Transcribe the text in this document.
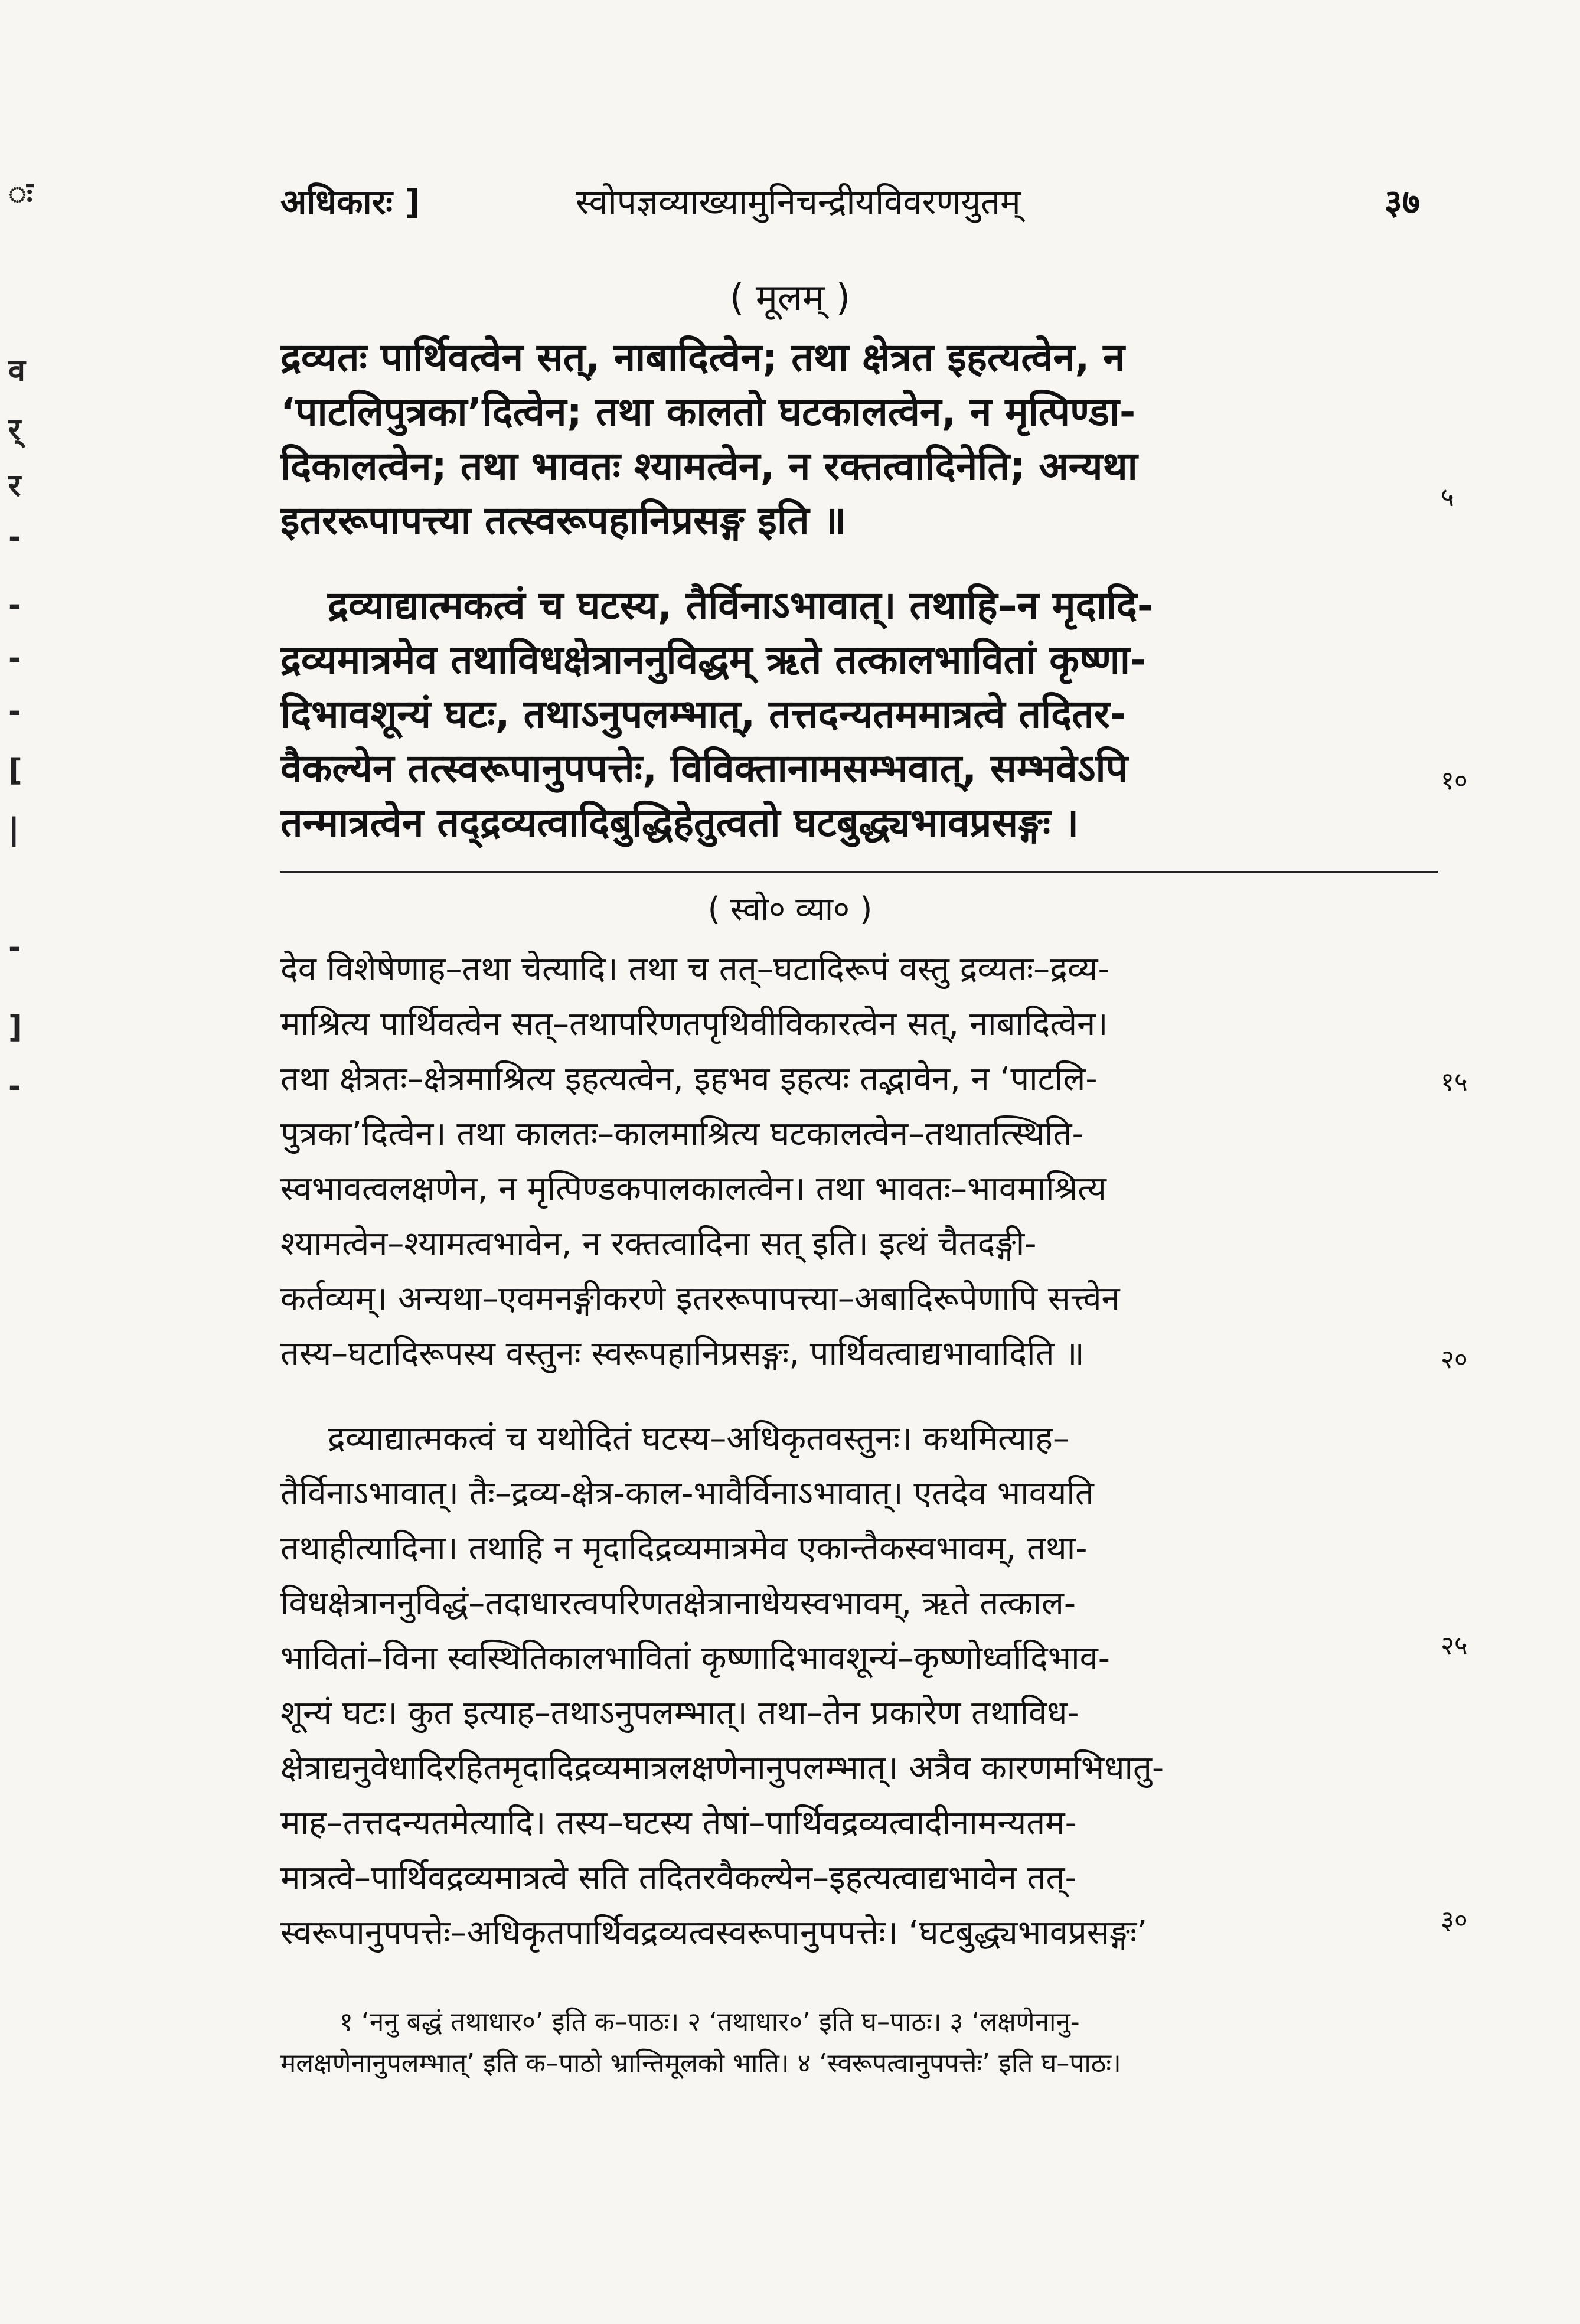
ः
व
र्
र
-
-
-
-
[
|
-
]
-
अधिकारः ]	स्वोपज्ञव्याख्यामुनिचन्द्रीयविवरणयुतम्	३७
( मूलम् )
द्रव्यतः पार्थिवत्वेन सत्, नाबादित्वेन; तथा क्षेत्रत इहत्यत्वेन, न
‘पाटलिपुत्रका’दित्वेन; तथा कालतो घटकालत्वेन, न मृत्पिण्डा-
दिकालत्वेन; तथा भावतः श्यामत्वेन, न रक्तत्वादिनेति; अन्यथा
इतररूपापत्त्या तत्स्वरूपहानिप्रसङ्ग इति ॥
द्रव्याद्यात्मकत्वं च घटस्य, तैर्विनाऽभावात्। तथाहि–न मृदादि-
द्रव्यमात्रमेव तथाविधक्षेत्राननुविद्धम् ऋते तत्कालभावितां कृष्णा-
दिभावशून्यं घटः, तथाऽनुपलम्भात्, तत्तदन्यतममात्रत्वे तदितर-
वैकल्येन तत्स्वरूपानुपपत्तेः, विविक्तानामसम्भवात्, सम्भवेऽपि
तन्मात्रत्वेन तद्द्रव्यत्वादिबुद्धिहेतुत्वतो घटबुद्ध्यभावप्रसङ्गः ।
( स्वो० व्या० )
देव विशेषेणाह–तथा चेत्यादि। तथा च तत्–घटादिरूपं वस्तु द्रव्यतः–द्रव्य-
माश्रित्य पार्थिवत्वेन सत्–तथापरिणतपृथिवीविकारत्वेन सत्, नाबादित्वेन।
तथा क्षेत्रतः–क्षेत्रमाश्रित्य इहत्यत्वेन, इहभव इहत्यः तद्भावेन, न ‘पाटलि-
पुत्रका’दित्वेन। तथा कालतः–कालमाश्रित्य घटकालत्वेन–तथातत्स्थिति-
स्वभावत्वलक्षणेन, न मृत्पिण्डकपालकालत्वेन। तथा भावतः–भावमाश्रित्य
श्यामत्वेन–श्यामत्वभावेन, न रक्तत्वादिना सत् इति। इत्थं चैतदङ्गी-
कर्तव्यम्। अन्यथा–एवमनङ्गीकरणे इतररूपापत्त्या–अबादिरूपेणापि सत्त्वेन
तस्य–घटादिरूपस्य वस्तुनः स्वरूपहानिप्रसङ्गः, पार्थिवत्वाद्यभावादिति ॥
द्रव्याद्यात्मकत्वं च यथोदितं घटस्य–अधिकृतवस्तुनः। कथमित्याह–
तैर्विनाऽभावात्। तैः–द्रव्य-क्षेत्र-काल-भावैर्विनाऽभावात्। एतदेव भावयति
तथाहीत्यादिना। तथाहि न मृदादिद्रव्यमात्रमेव एकान्तैकस्वभावम्, तथा-
विधक्षेत्राननुविद्धं–तदाधारत्वपरिणतक्षेत्रानाधेयस्वभावम्, ऋते तत्काल-
भावितां–विना स्वस्थितिकालभावितां कृष्णादिभावशून्यं–कृष्णोर्ध्वादिभाव-
शून्यं घटः। कुत इत्याह–तथाऽनुपलम्भात्। तथा–तेन प्रकारेण तथाविध-
क्षेत्राद्यनुवेधादिरहितमृदादिद्रव्यमात्रलक्षणेनानुपलम्भात्। अत्रैव कारणमभिधातु-
माह–तत्तदन्यतमेत्यादि। तस्य–घटस्य तेषां–पार्थिवद्रव्यत्वादीनामन्यतम-
मात्रत्वे–पार्थिवद्रव्यमात्रत्वे सति तदितरवैकल्येन–इहत्यत्वाद्यभावेन तत्-
स्वरूपानुपपत्तेः–अधिकृतपार्थिवद्रव्यत्वस्वरूपानुपपत्तेः। ‘घटबुद्ध्यभावप्रसङ्गः’
५
१०
१५
२०
२५
३०
१ ‘ननु बद्धं तथाधार०’ इति क–पाठः। २ ‘तथाधार०’ इति घ–पाठः। ३ ‘लक्षणेनानु-
मलक्षणेनानुपलम्भात्’ इति क–पाठो भ्रान्तिमूलको भाति। ४ ‘स्वरूपत्वानुपपत्तेः’ इति घ–पाठः।
